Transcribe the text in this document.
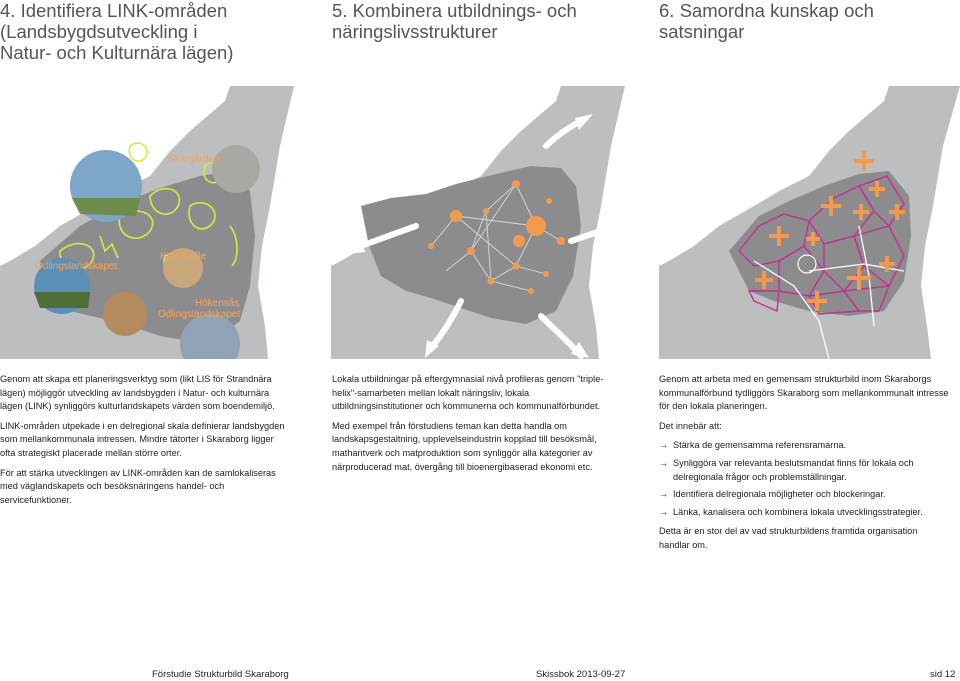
4. Identifiera LINK-områden
(Landsbygdsutveckling i
Natur- och Kulturnära lägen)
Skärgården
Odlingslandskapet
Kinnekulle
Hökensås
Odlingslandskapet

Genom att skapa ett planeringsverktyg som (likt LIS för Strandnära lägen) möjliggör utveckling av landsbygden i Natur- och kulturnära lägen (LINK) synliggörs kulturlandskapets värden som boendemiljö.

LINK-områden utpekade i en delregional skala definierar landsbygden som mellankommunala intressen. Mindre tätorter i Skaraborg ligger ofta strategiskt placerade mellan större orter.

För att stärka utvecklingen av LINK-områden kan de samlokaliseras med väglandskapets och besöksnäringens handel- och servicefunktioner.

5. Kombinera utbildnings- och
näringslivsstrukturer

Lokala utbildningar på eftergymnasial nivå profileras genom "triple-helix"-samarbeten mellan lokalt näringsliv, lokala utbildningsinstitutioner och kommunerna och kommunalförbundet.

Med exempel från förstudiens teman kan detta handla om landskapsgestaltning, upplevelseindustrin kopplad till besöksmål, mathantverk och matproduktion som synliggör alla kategorier av närproducerad mat, övergång till bioenergibaserad ekonomi etc.

6. Samordna kunskap och
satsningar

Genom att arbeta med en gemensam strukturbild inom Skaraborgs kommunalförbund tydliggörs Skaraborg som mellankommunalt intresse för den lokala planeringen.

Det innebär att:

→ Stärka de gemensamma referensramarna.
→ Synliggöra var relevanta beslutsmandat finns för lokala och delregionala frågor och problemställningar.
→ Identifiera delregionala möjligheter och blockeringar.
→ Länka, kanalisera och kombinera lokala utvecklingsstrategier.

Detta är en stor del av vad strukturbildens framtida organisation handlar om.

Förstudie Strukturbild Skaraborg	Skissbok 2013-09-27	sid 12
